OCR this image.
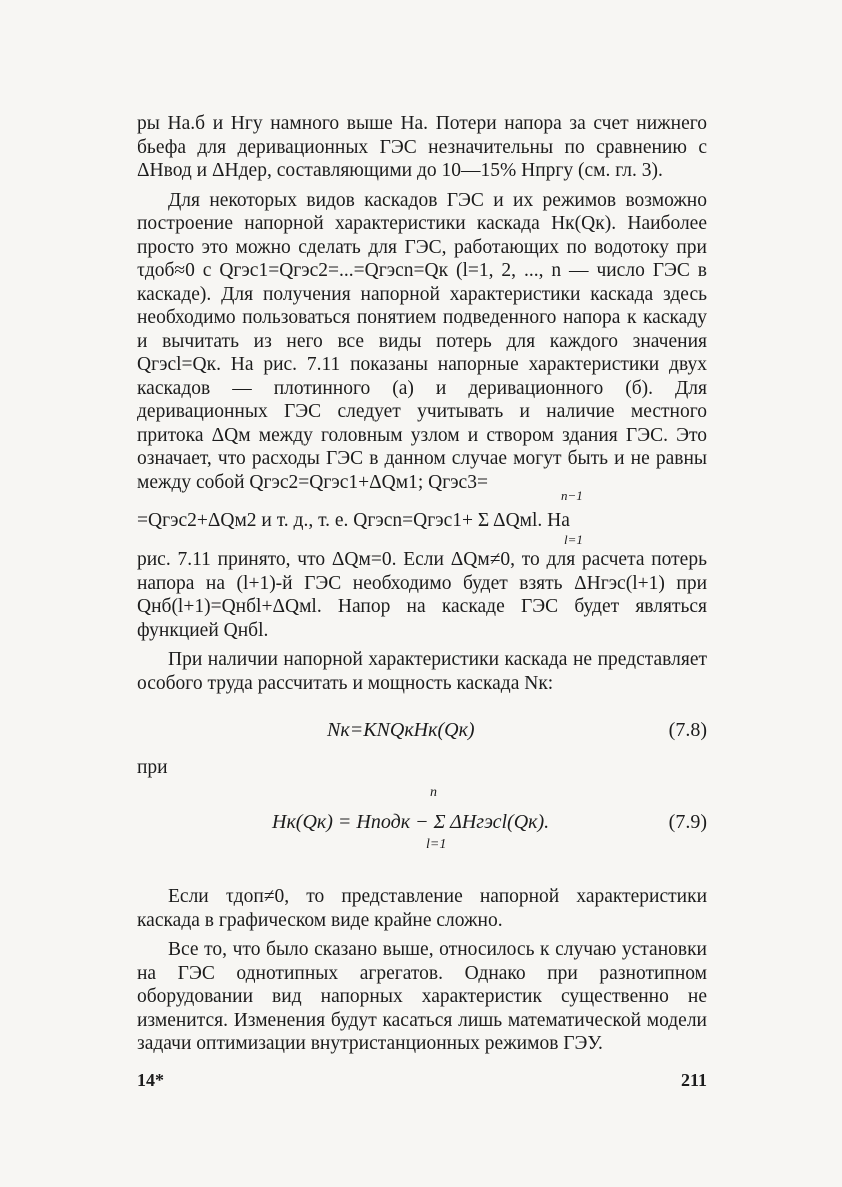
ры Hа.б и Hгу намного выше Hа. Потери напора за счет нижнего бьефа для деривационных ГЭС незначительны по сравнению с ΔHвод и ΔHдер, составляющими до 10—15% Hпргу (см. гл. 3).

Для некоторых видов каскадов ГЭС и их режимов возможно построение напорной характеристики каскада Hк(Qк). Наиболее просто это можно сделать для ГЭС, работающих по водотоку при τдоб≈0 с Qгэс1=Qгэс2=...=Qгэсn=Qк (l=1, 2, ..., n — число ГЭС в каскаде). Для получения напорной характеристики каскада здесь необходимо пользоваться понятием подведенного напора к каскаду и вычитать из него все виды потерь для каждого значения Qгэсl=Qк. На рис. 7.11 показаны напорные характеристики двух каскадов — плотинного (а) и деривационного (б). Для деривационных ГЭС следует учитывать и наличие местного притока ΔQм между головным узлом и створом здания ГЭС. Это означает, что расходы ГЭС в данном случае могут быть и не равны между собой Qгэс2=Qгэс1+ΔQм1; Qгэс3=

n−1
=Qгэс2+ΔQм2 и т. д., т. е. Qгэсn=Qгэс1+ Σ ΔQмl. На
l=1

рис. 7.11 принято, что ΔQм=0. Если ΔQм≠0, то для расчета потерь напора на (l+1)-й ГЭС необходимо будет взять ΔHгэс(l+1) при Qнб(l+1)=Qнбl+ΔQмl. Напор на каскаде ГЭС будет являться функцией Qнбl.

При наличии напорной характеристики каскада не представляет особого труда рассчитать и мощность каскада Nк:

Nк=KNQкHк(Qк)	(7.8)

при

n
Hк(Qк) = Hподк − Σ ΔHгэсl(Qк).
l=1
(7.9)

Если τдоп≠0, то представление напорной характеристики каскада в графическом виде крайне сложно.

Все то, что было сказано выше, относилось к случаю установки на ГЭС однотипных агрегатов. Однако при разнотипном оборудовании вид напорных характеристик существенно не изменится. Изменения будут касаться лишь математической модели задачи оптимизации внутристанционных режимов ГЭУ.

14*	211
